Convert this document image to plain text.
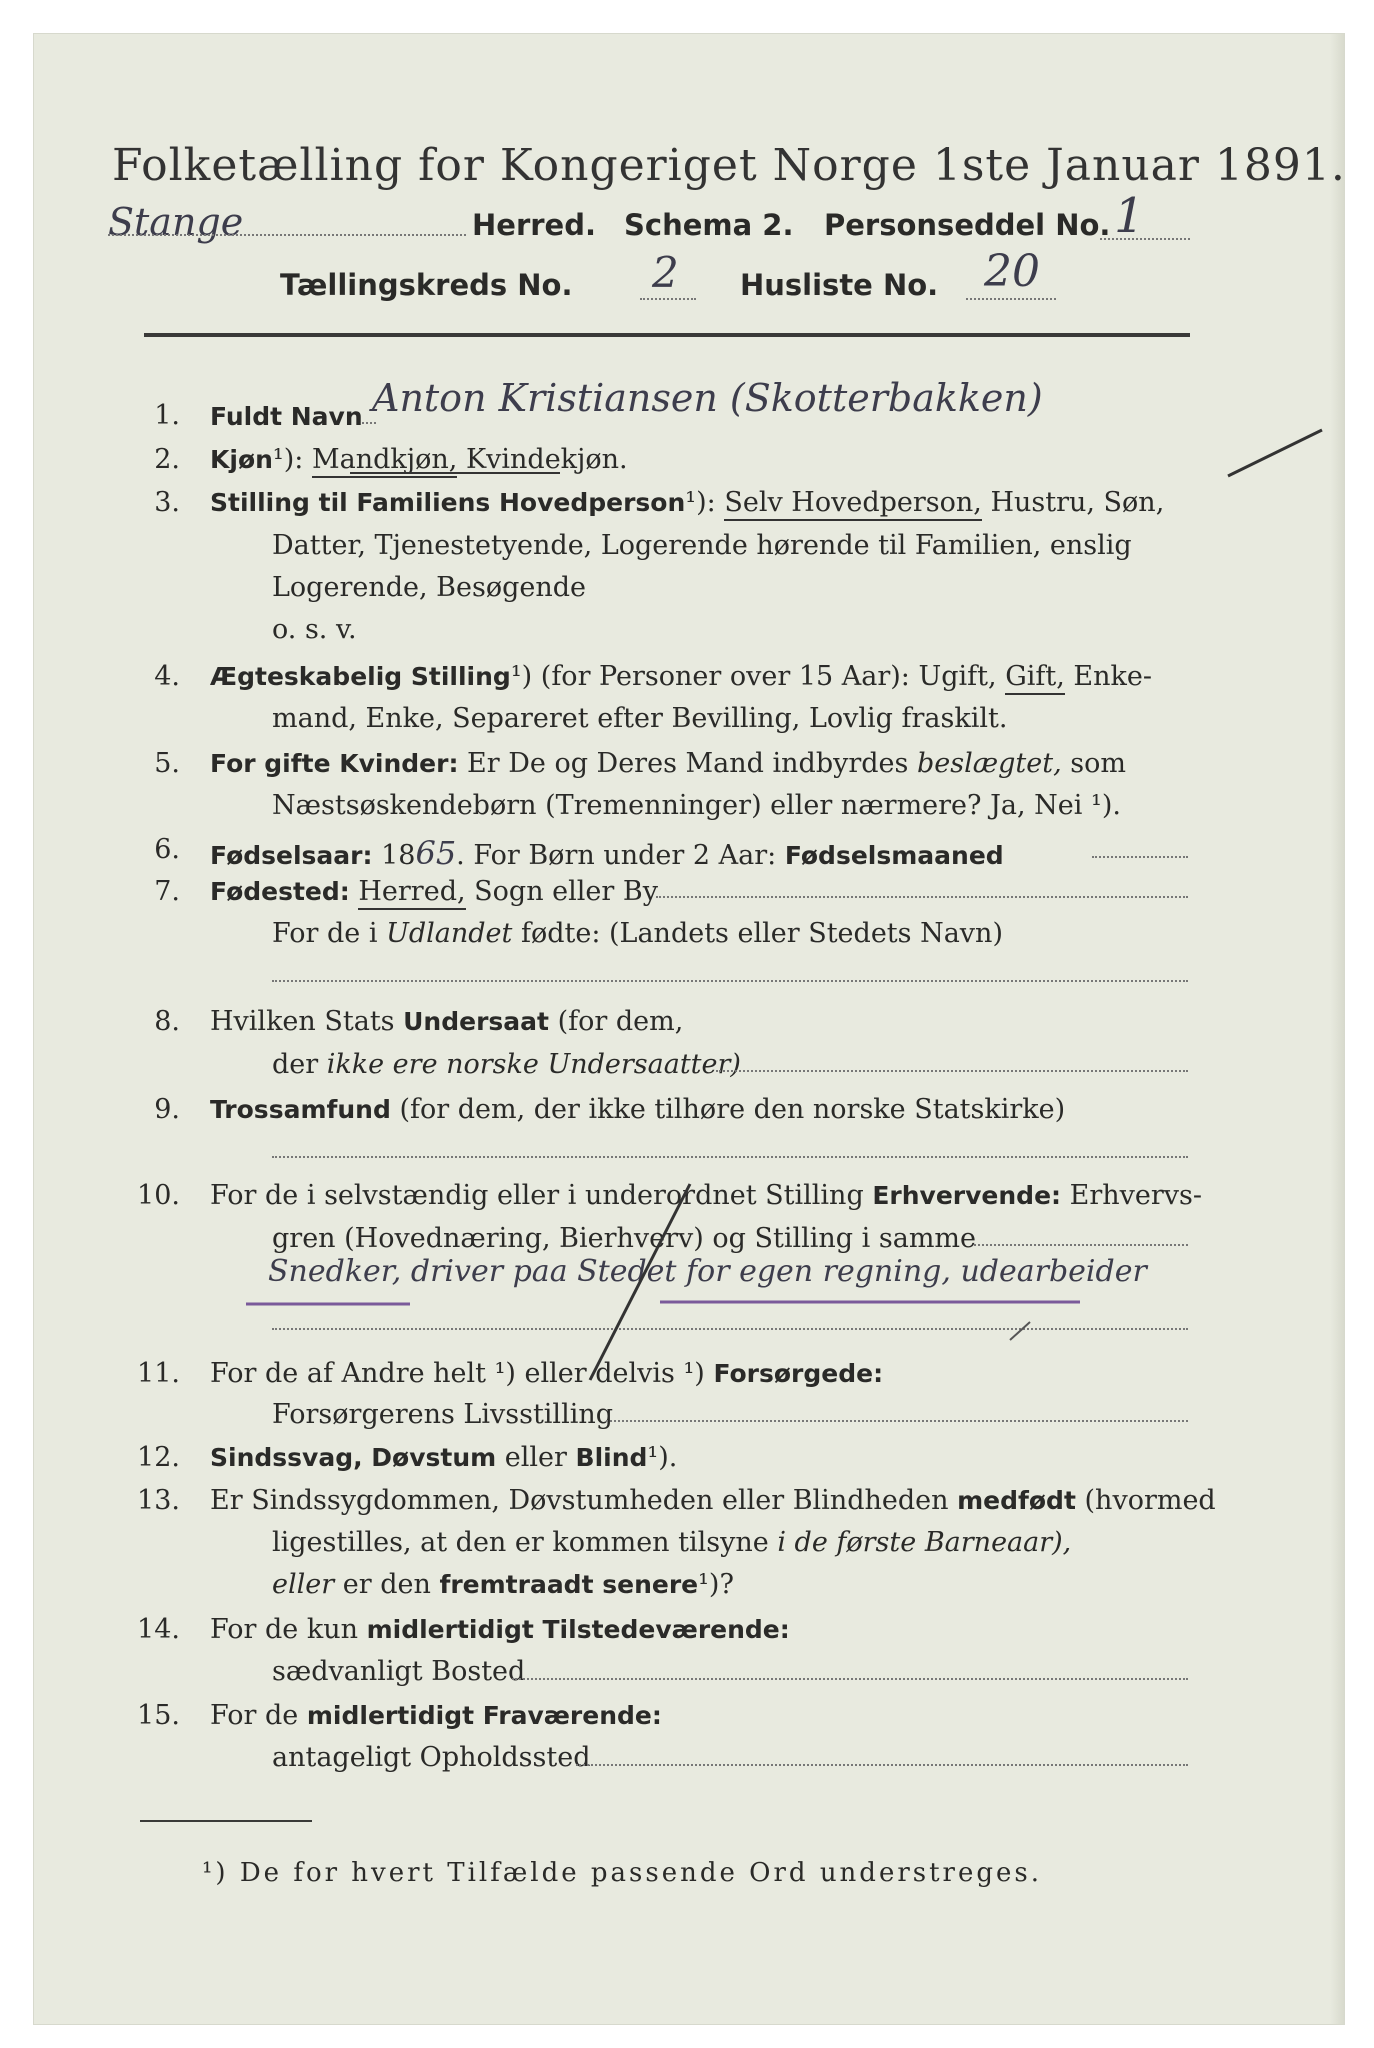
Folketælling for Kongeriget Norge 1ste Januar 1891.
Stange	Herred. Schema 2. Personseddel No. 1
Tællingskreds No. 2 Husliste No. 20
1. Fuldt Navn Anton Kristiansen (Skotterbakken)
2. Kjøn¹): Mandkjøn, Kvindekjøn.
3. Stilling til Familiens Hovedperson¹): Selv Hovedperson, Hustru, Søn,
Datter, Tjenestetyende, Logerende hørende til Familien, enslig
Logerende, Besøgende
o. s. v.
4. Ægteskabelig Stilling¹) (for Personer over 15 Aar): Ugift, Gift, Enke-
mand, Enke, Separeret efter Bevilling, Lovlig fraskilt.
5. For gifte Kvinder: Er De og Deres Mand indbyrdes beslægtet, som
Næstsøskendebørn (Tremenninger) eller nærmere? Ja, Nei ¹).
6. Fødselsaar: 1865. For Børn under 2 Aar: Fødselsmaaned
7. Fødested: Herred, Sogn eller By
For de i Udlandet fødte: (Landets eller Stedets Navn)
8. Hvilken Stats Undersaat (for dem,
der ikke ere norske Undersaatter)
9. Trossamfund (for dem, der ikke tilhøre den norske Statskirke)
10. For de i selvstændig eller i underordnet Stilling Erhvervende: Erhvervs-
gren (Hovednæring, Bierhverv) og Stilling i samme
Snedker, driver paa Stedet for egen regning, udearbeider
11. For de af Andre helt ¹) eller delvis ¹) Forsørgede:
Forsørgerens Livsstilling
12. Sindssvag, Døvstum eller Blind¹).
13. Er Sindssygdommen, Døvstumheden eller Blindheden medfødt (hvormed
ligestilles, at den er kommen tilsyne i de første Barneaar),
eller er den fremtraadt senere¹)?
14. For de kun midlertidigt Tilstedeværende:
sædvanligt Bosted
15. For de midlertidigt Fraværende:
antageligt Opholdssted
¹) De for hvert Tilfælde passende Ord understreges.
